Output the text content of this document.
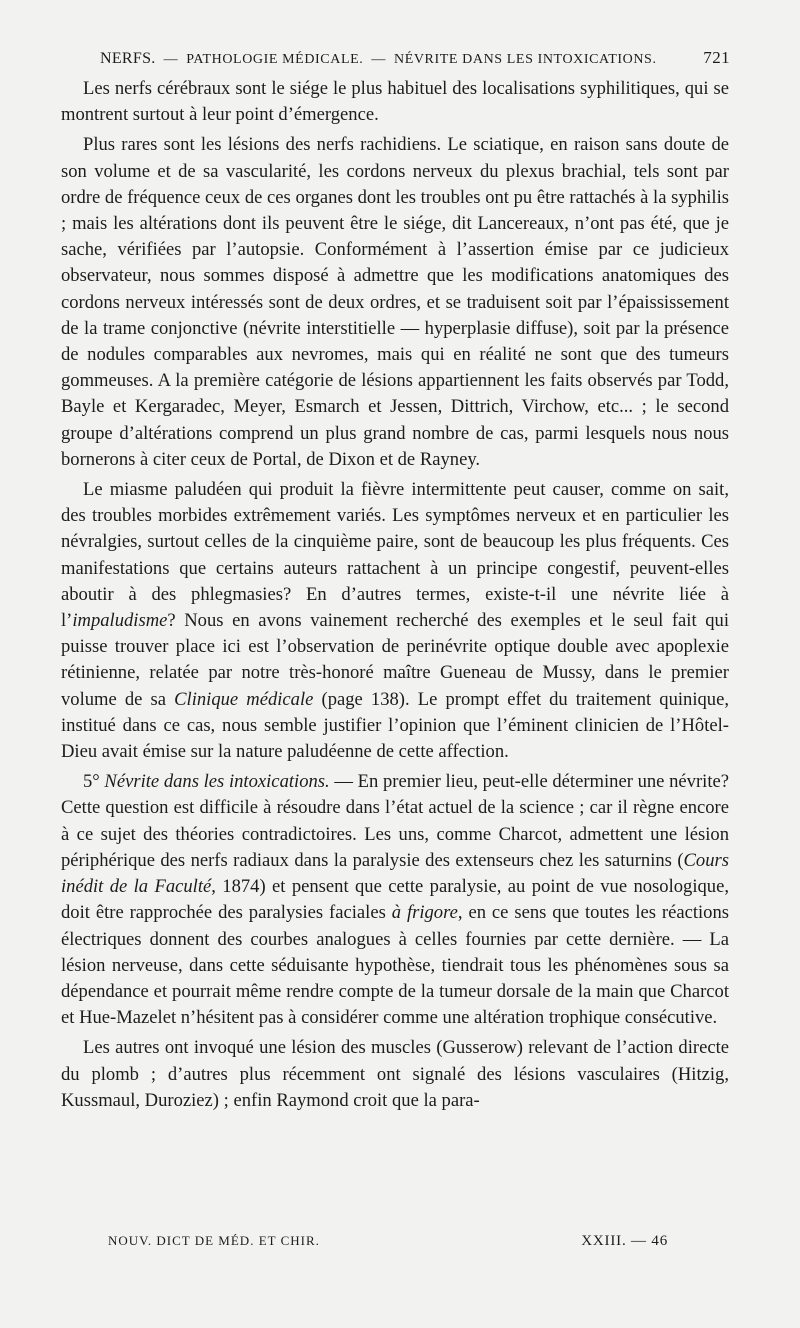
NERFS. — PATHOLOGIE MÉDICALE. — NÉVRITE DANS LES INTOXICATIONS.	721

Les nerfs cérébraux sont le siége le plus habituel des localisations syphilitiques, qui se montrent surtout à leur point d’émergence.

Plus rares sont les lésions des nerfs rachidiens. Le sciatique, en raison sans doute de son volume et de sa vascularité, les cordons nerveux du plexus brachial, tels sont par ordre de fréquence ceux de ces organes dont les troubles ont pu être rattachés à la syphilis ; mais les altérations dont ils peuvent être le siége, dit Lancereaux, n’ont pas été, que je sache, vérifiées par l’autopsie. Conformément à l’assertion émise par ce judicieux observateur, nous sommes disposé à admettre que les modifications anatomiques des cordons nerveux intéressés sont de deux ordres, et se traduisent soit par l’épaississement de la trame conjonctive (névrite interstitielle — hyperplasie diffuse), soit par la présence de nodules comparables aux nevromes, mais qui en réalité ne sont que des tumeurs gommeuses. A la première catégorie de lésions appartiennent les faits observés par Todd, Bayle et Kergaradec, Meyer, Esmarch et Jessen, Dittrich, Virchow, etc... ; le second groupe d’altérations comprend un plus grand nombre de cas, parmi lesquels nous nous bornerons à citer ceux de Portal, de Dixon et de Rayney.

Le miasme paludéen qui produit la fièvre intermittente peut causer, comme on sait, des troubles morbides extrêmement variés. Les symptômes nerveux et en particulier les névralgies, surtout celles de la cinquième paire, sont de beaucoup les plus fréquents. Ces manifestations que certains auteurs rattachent à un principe congestif, peuvent-elles aboutir à des phlegmasies? En d’autres termes, existe-t-il une névrite liée à l’impaludisme? Nous en avons vainement recherché des exemples et le seul fait qui puisse trouver place ici est l’observation de perinévrite optique double avec apoplexie rétinienne, relatée par notre très-honoré maître Gueneau de Mussy, dans le premier volume de sa Clinique médicale (page 138). Le prompt effet du traitement quinique, institué dans ce cas, nous semble justifier l’opinion que l’éminent clinicien de l’Hôtel-Dieu avait émise sur la nature paludéenne de cette affection.

5° Névrite dans les intoxications. — En premier lieu, peut-elle déterminer une névrite? Cette question est difficile à résoudre dans l’état actuel de la science ; car il règne encore à ce sujet des théories contradictoires. Les uns, comme Charcot, admettent une lésion périphérique des nerfs radiaux dans la paralysie des extenseurs chez les saturnins (Cours inédit de la Faculté, 1874) et pensent que cette paralysie, au point de vue nosologique, doit être rapprochée des paralysies faciales à frigore, en ce sens que toutes les réactions électriques donnent des courbes analogues à celles fournies par cette dernière. — La lésion nerveuse, dans cette séduisante hypothèse, tiendrait tous les phénomènes sous sa dépendance et pourrait même rendre compte de la tumeur dorsale de la main que Charcot et Hue-Mazelet n’hésitent pas à considérer comme une altération trophique consécutive.

Les autres ont invoqué une lésion des muscles (Gusserow) relevant de l’action directe du plomb ; d’autres plus récemment ont signalé des lésions vasculaires (Hitzig, Kussmaul, Duroziez) ; enfin Raymond croit que la para-

NOUV. DICT DE MÉD. ET CHIR.	XXIII. — 46
